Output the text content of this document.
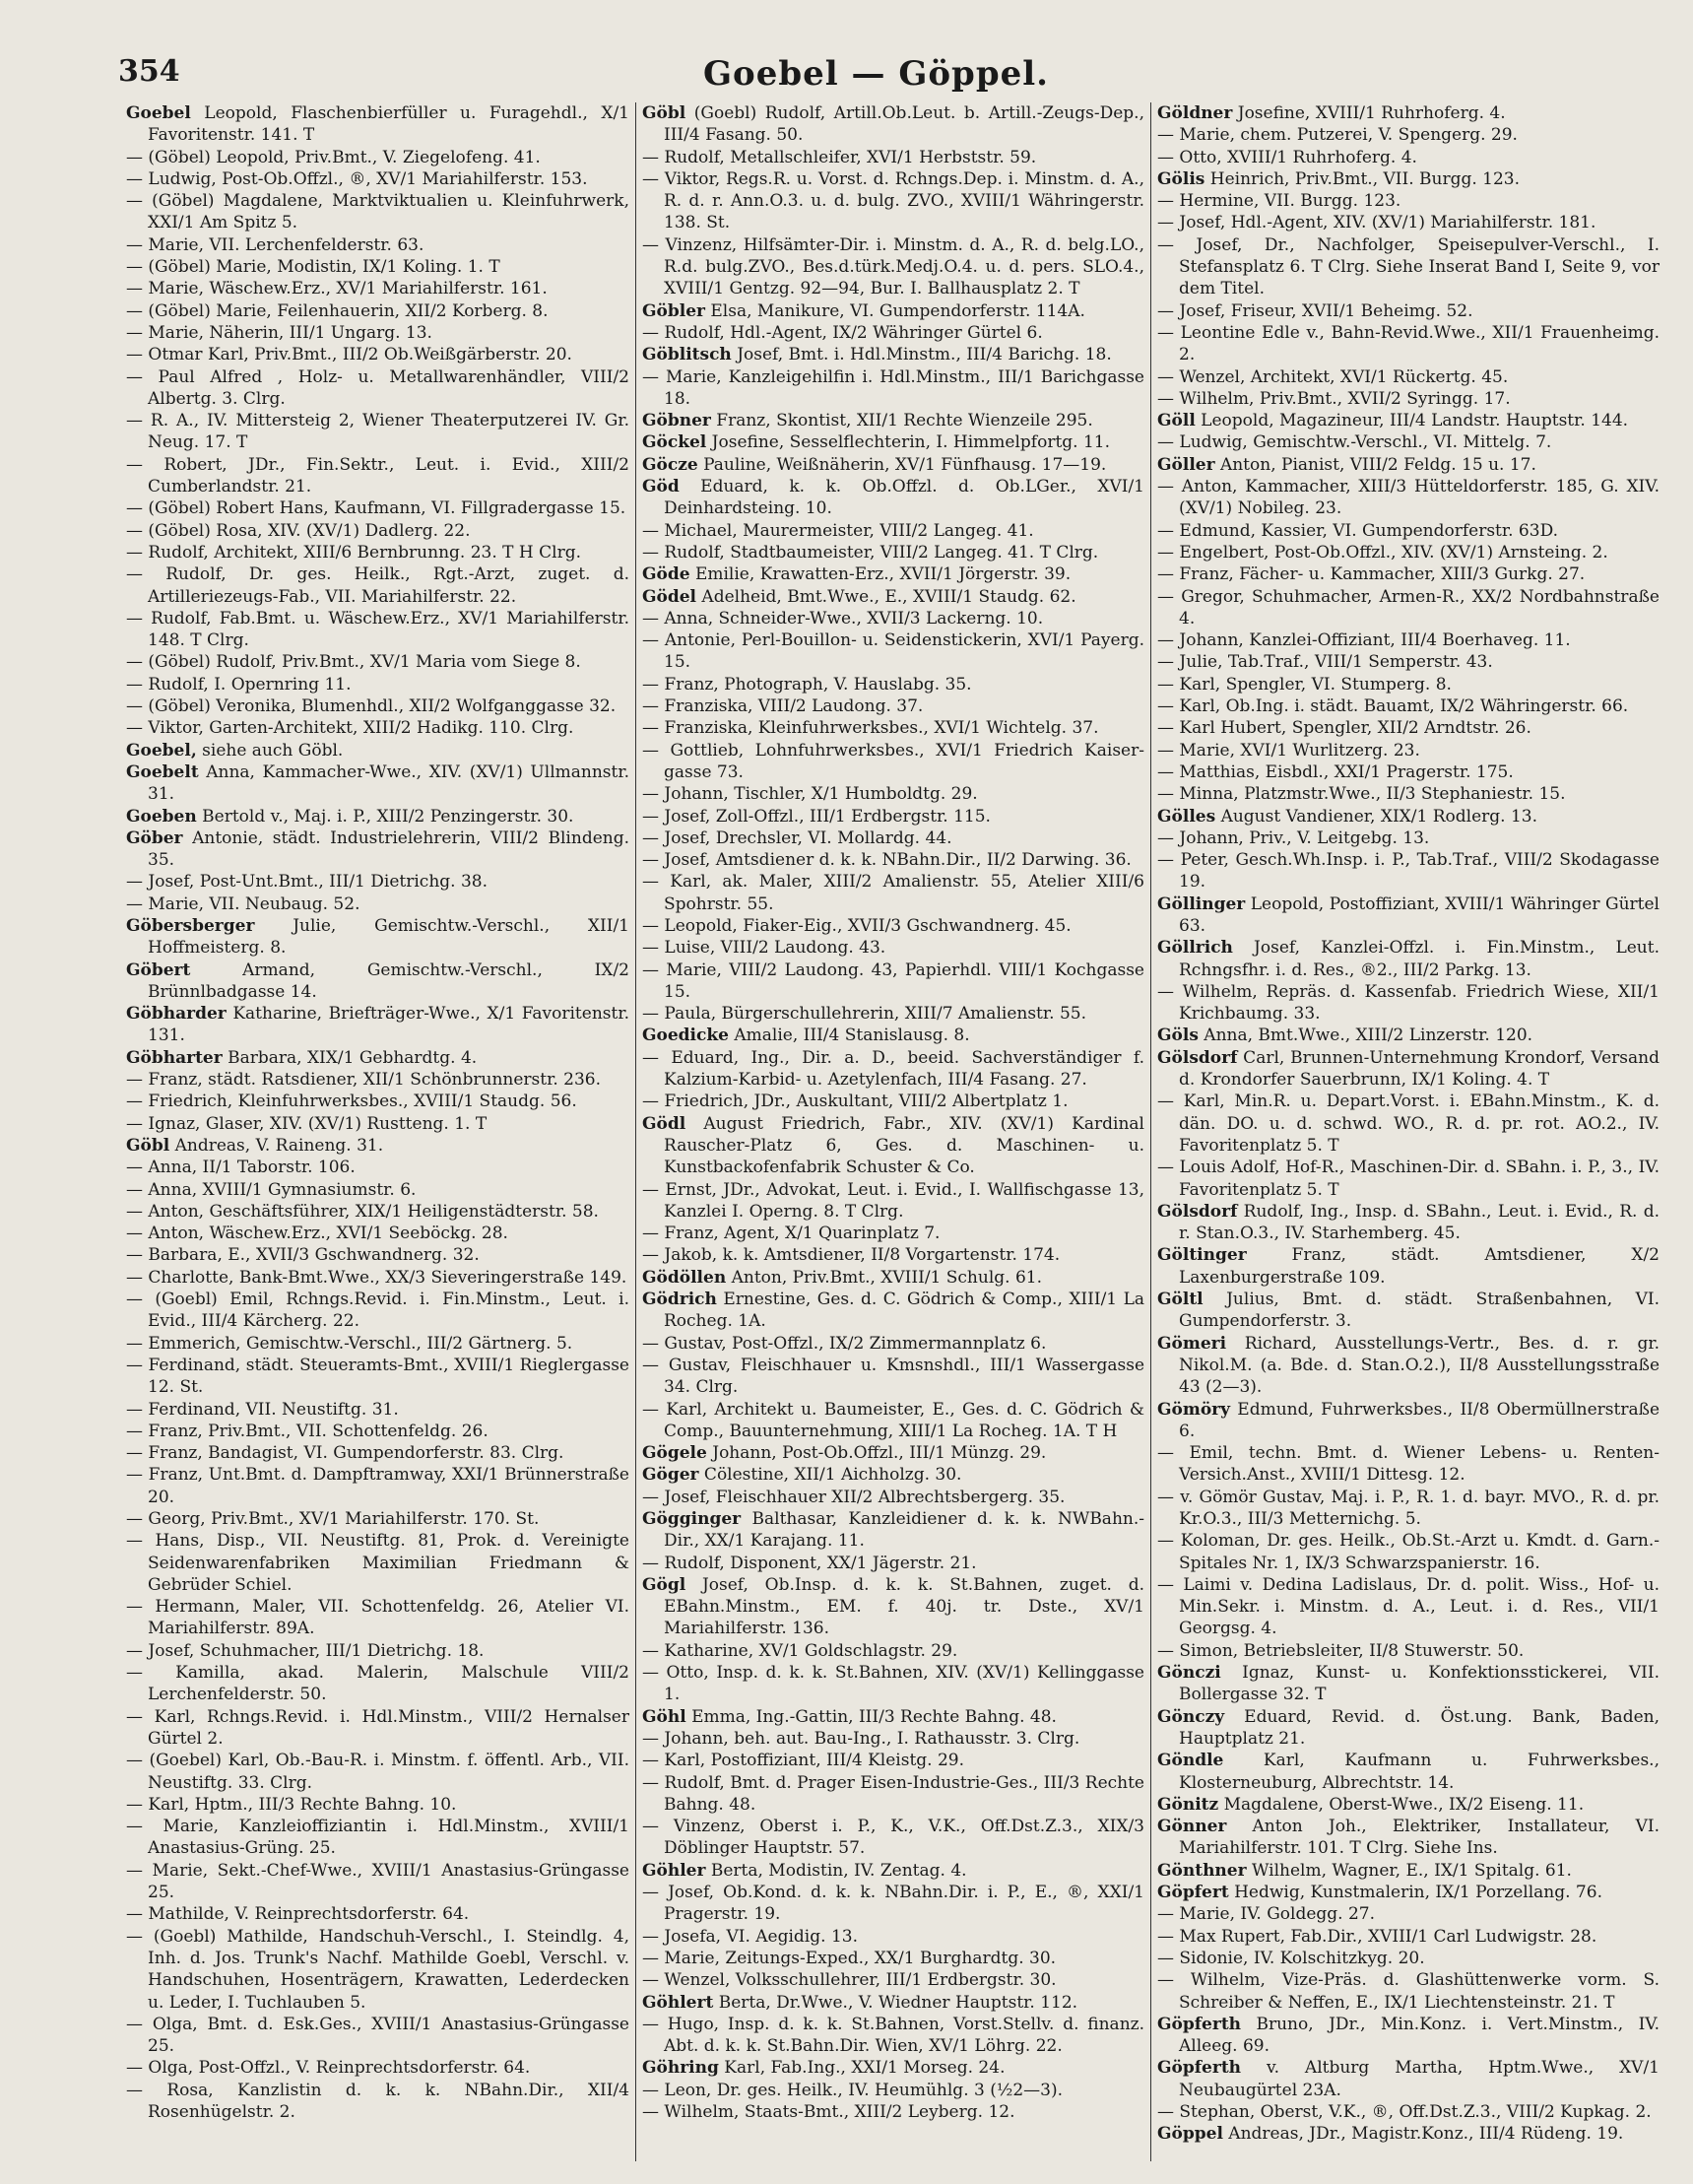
354	Goebel — Göppel.
Goebel Leopold, Flaschenbierfüller u. Furagehdl., X/1 Favoritenstr. 141. T
— (Göbel) Leopold, Priv.Bmt., V. Ziegelofeng. 41.
— Ludwig, Post-Ob.Offzl., ®, XV/1 Mariahilferstr. 153.
— (Göbel) Magdalene, Marktviktualien u. Kleinfuhrwerk, XXI/1 Am Spitz 5.
— Marie, VII. Lerchenfelderstr. 63.
— (Göbel) Marie, Modistin, IX/1 Koling. 1. T
— Marie, Wäschew.Erz., XV/1 Mariahilferstr. 161.
— (Göbel) Marie, Feilenhauerin, XII/2 Korberg. 8.
— Marie, Näherin, III/1 Ungarg. 13.
— Otmar Karl, Priv.Bmt., III/2 Ob.Weißgärberstr. 20.
— Paul Alfred , Holz- u. Metallwarenhändler, VIII/2 Albertg. 3. Clrg.
— R. A., IV. Mittersteig 2, Wiener Theaterputzerei IV. Gr. Neug. 17. T
— Robert, JDr., Fin.Sektr., Leut. i. Evid., XIII/2 Cumberlandstr. 21.
— (Göbel) Robert Hans, Kaufmann, VI. Fillgradergasse 15.
— (Göbel) Rosa, XIV. (XV/1) Dadlerg. 22.
— Rudolf, Architekt, XIII/6 Bernbrunng. 23. T H Clrg.
— Rudolf, Dr. ges. Heilk., Rgt.-Arzt, zuget. d. Artilleriezeugs-Fab., VII. Mariahilferstr. 22.
— Rudolf, Fab.Bmt. u. Wäschew.Erz., XV/1 Mariahilferstr. 148. T Clrg.
— (Göbel) Rudolf, Priv.Bmt., XV/1 Maria vom Siege 8.
— Rudolf, I. Opernring 11.
— (Göbel) Veronika, Blumenhdl., XII/2 Wolfganggasse 32.
— Viktor, Garten-Architekt, XIII/2 Hadikg. 110. Clrg.
Goebel, siehe auch Göbl.
Goebelt Anna, Kammacher-Wwe., XIV. (XV/1) Ullmannstr. 31.
Goeben Bertold v., Maj. i. P., XIII/2 Penzingerstr. 30.
Göber Antonie, städt. Industrielehrerin, VIII/2 Blindeng. 35.
— Josef, Post-Unt.Bmt., III/1 Dietrichg. 38.
— Marie, VII. Neubaug. 52.
Göbersberger Julie, Gemischtw.-Verschl., XII/1 Hoffmeisterg. 8.
Göbert Armand, Gemischtw.-Verschl., IX/2 Brünnlbadgasse 14.
Göbharder Katharine, Briefträger-Wwe., X/1 Favoritenstr. 131.
Göbharter Barbara, XIX/1 Gebhardtg. 4.
— Franz, städt. Ratsdiener, XII/1 Schönbrunnerstr. 236.
— Friedrich, Kleinfuhrwerksbes., XVIII/1 Staudg. 56.
— Ignaz, Glaser, XIV. (XV/1) Rustteng. 1. T
Göbl Andreas, V. Raineng. 31.
— Anna, II/1 Taborstr. 106.
— Anna, XVIII/1 Gymnasiumstr. 6.
— Anton, Geschäftsführer, XIX/1 Heiligenstädterstr. 58.
— Anton, Wäschew.Erz., XVI/1 Seeböckg. 28.
— Barbara, E., XVII/3 Gschwandnerg. 32.
— Charlotte, Bank-Bmt.Wwe., XX/3 Sieveringerstraße 149.
— (Goebl) Emil, Rchngs.Revid. i. Fin.Minstm., Leut. i. Evid., III/4 Kärcherg. 22.
— Emmerich, Gemischtw.-Verschl., III/2 Gärtnerg. 5.
— Ferdinand, städt. Steueramts-Bmt., XVIII/1 Rieglergasse 12. St.
— Ferdinand, VII. Neustiftg. 31.
— Franz, Priv.Bmt., VII. Schottenfeldg. 26.
— Franz, Bandagist, VI. Gumpendorferstr. 83. Clrg.
— Franz, Unt.Bmt. d. Dampftramway, XXI/1 Brünnerstraße 20.
— Georg, Priv.Bmt., XV/1 Mariahilferstr. 170. St.
— Hans, Disp., VII. Neustiftg. 81, Prok. d. Vereinigte Seidenwarenfabriken Maximilian Friedmann & Gebrüder Schiel.
— Hermann, Maler, VII. Schottenfeldg. 26, Atelier VI. Mariahilferstr. 89A.
— Josef, Schuhmacher, III/1 Dietrichg. 18.
— Kamilla, akad. Malerin, Malschule VIII/2 Lerchenfelderstr. 50.
— Karl, Rchngs.Revid. i. Hdl.Minstm., VIII/2 Hernalser Gürtel 2.
— (Goebel) Karl, Ob.-Bau-R. i. Minstm. f. öffentl. Arb., VII. Neustiftg. 33. Clrg.
— Karl, Hptm., III/3 Rechte Bahng. 10.
— Marie, Kanzleioffiziantin i. Hdl.Minstm., XVIII/1 Anastasius-Grüng. 25.
— Marie, Sekt.-Chef-Wwe., XVIII/1 Anastasius-Grüngasse 25.
— Mathilde, V. Reinprechtsdorferstr. 64.
— (Goebl) Mathilde, Handschuh-Verschl., I. Steindlg. 4, Inh. d. Jos. Trunk's Nachf. Mathilde Goebl, Verschl. v. Handschuhen, Hosenträgern, Krawatten, Lederdecken u. Leder, I. Tuchlauben 5.
— Olga, Bmt. d. Esk.Ges., XVIII/1 Anastasius-Grüngasse 25.
— Olga, Post-Offzl., V. Reinprechtsdorferstr. 64.
— Rosa, Kanzlistin d. k. k. NBahn.Dir., XII/4 Rosenhügelstr. 2.
Göbl (Goebl) Rudolf, Artill.Ob.Leut. b. Artill.-Zeugs-Dep., III/4 Fasang. 50.
— Rudolf, Metallschleifer, XVI/1 Herbststr. 59.
— Viktor, Regs.R. u. Vorst. d. Rchngs.Dep. i. Minstm. d. A., R. d. r. Ann.O.3. u. d. bulg. ZVO., XVIII/1 Währingerstr. 138. St.
— Vinzenz, Hilfsämter-Dir. i. Minstm. d. A., R. d. belg.LO., R.d. bulg.ZVO., Bes.d.türk.Medj.O.4. u. d. pers. SLO.4., XVIII/1 Gentzg. 92—94, Bur. I. Ballhausplatz 2. T
Göbler Elsa, Manikure, VI. Gumpendorferstr. 114A.
— Rudolf, Hdl.-Agent, IX/2 Währinger Gürtel 6.
Göblitsch Josef, Bmt. i. Hdl.Minstm., III/4 Barichg. 18.
— Marie, Kanzleigehilfin i. Hdl.Minstm., III/1 Barichgasse 18.
Göbner Franz, Skontist, XII/1 Rechte Wienzeile 295.
Göckel Josefine, Sesselflechterin, I. Himmelpfortg. 11.
Göcze Pauline, Weißnäherin, XV/1 Fünfhausg. 17—19.
Göd Eduard, k. k. Ob.Offzl. d. Ob.LGer., XVI/1 Deinhardsteing. 10.
— Michael, Maurermeister, VIII/2 Langeg. 41.
— Rudolf, Stadtbaumeister, VIII/2 Langeg. 41. T Clrg.
Göde Emilie, Krawatten-Erz., XVII/1 Jörgerstr. 39.
Gödel Adelheid, Bmt.Wwe., E., XVIII/1 Staudg. 62.
— Anna, Schneider-Wwe., XVII/3 Lackerng. 10.
— Antonie, Perl-Bouillon- u. Seidenstickerin, XVI/1 Payerg. 15.
— Franz, Photograph, V. Hauslabg. 35.
— Franziska, VIII/2 Laudong. 37.
— Franziska, Kleinfuhrwerksbes., XVI/1 Wichtelg. 37.
— Gottlieb, Lohnfuhrwerksbes., XVI/1 Friedrich Kaiser-gasse 73.
— Johann, Tischler, X/1 Humboldtg. 29.
— Josef, Zoll-Offzl., III/1 Erdbergstr. 115.
— Josef, Drechsler, VI. Mollardg. 44.
— Josef, Amtsdiener d. k. k. NBahn.Dir., II/2 Darwing. 36.
— Karl, ak. Maler, XIII/2 Amalienstr. 55, Atelier XIII/6 Spohrstr. 55.
— Leopold, Fiaker-Eig., XVII/3 Gschwandnerg. 45.
— Luise, VIII/2 Laudong. 43.
— Marie, VIII/2 Laudong. 43, Papierhdl. VIII/1 Kochgasse 15.
— Paula, Bürgerschullehrerin, XIII/7 Amalienstr. 55.
Goedicke Amalie, III/4 Stanislausg. 8.
— Eduard, Ing., Dir. a. D., beeid. Sachverständiger f. Kalzium-Karbid- u. Azetylenfach, III/4 Fasang. 27.
— Friedrich, JDr., Auskultant, VIII/2 Albertplatz 1.
Gödl August Friedrich, Fabr., XIV. (XV/1) Kardinal Rauscher-Platz 6, Ges. d. Maschinen- u. Kunstbackofenfabrik Schuster & Co.
— Ernst, JDr., Advokat, Leut. i. Evid., I. Wallfischgasse 13, Kanzlei I. Operng. 8. T Clrg.
— Franz, Agent, X/1 Quarinplatz 7.
— Jakob, k. k. Amtsdiener, II/8 Vorgartenstr. 174.
Gödöllen Anton, Priv.Bmt., XVIII/1 Schulg. 61.
Gödrich Ernestine, Ges. d. C. Gödrich & Comp., XIII/1 La Rocheg. 1A.
— Gustav, Post-Offzl., IX/2 Zimmermannplatz 6.
— Gustav, Fleischhauer u. Kmsnshdl., III/1 Wassergasse 34. Clrg.
— Karl, Architekt u. Baumeister, E., Ges. d. C. Gödrich & Comp., Bauunternehmung, XIII/1 La Rocheg. 1A. T H
Gögele Johann, Post-Ob.Offzl., III/1 Münzg. 29.
Göger Cölestine, XII/1 Aichholzg. 30.
— Josef, Fleischhauer XII/2 Albrechtsbergerg. 35.
Gögginger Balthasar, Kanzleidiener d. k. k. NWBahn.-Dir., XX/1 Karajang. 11.
— Rudolf, Disponent, XX/1 Jägerstr. 21.
Gögl Josef, Ob.Insp. d. k. k. St.Bahnen, zuget. d. EBahn.Minstm., EM. f. 40j. tr. Dste., XV/1 Mariahilferstr. 136.
— Katharine, XV/1 Goldschlagstr. 29.
— Otto, Insp. d. k. k. St.Bahnen, XIV. (XV/1) Kellinggasse 1.
Göhl Emma, Ing.-Gattin, III/3 Rechte Bahng. 48.
— Johann, beh. aut. Bau-Ing., I. Rathausstr. 3. Clrg.
— Karl, Postoffiziant, III/4 Kleistg. 29.
— Rudolf, Bmt. d. Prager Eisen-Industrie-Ges., III/3 Rechte Bahng. 48.
— Vinzenz, Oberst i. P., K., V.K., Off.Dst.Z.3., XIX/3 Döblinger Hauptstr. 57.
Göhler Berta, Modistin, IV. Zentag. 4.
— Josef, Ob.Kond. d. k. k. NBahn.Dir. i. P., E., ®, XXI/1 Pragerstr. 19.
— Josefa, VI. Aegidig. 13.
— Marie, Zeitungs-Exped., XX/1 Burghardtg. 30.
— Wenzel, Volksschullehrer, III/1 Erdbergstr. 30.
Göhlert Berta, Dr.Wwe., V. Wiedner Hauptstr. 112.
— Hugo, Insp. d. k. k. St.Bahnen, Vorst.Stellv. d. finanz. Abt. d. k. k. St.Bahn.Dir. Wien, XV/1 Löhrg. 22.
Göhring Karl, Fab.Ing., XXI/1 Morseg. 24.
— Leon, Dr. ges. Heilk., IV. Heumühlg. 3 (½2—3).
— Wilhelm, Staats-Bmt., XIII/2 Leyberg. 12.
Göldner Josefine, XVIII/1 Ruhrhoferg. 4.
— Marie, chem. Putzerei, V. Spengerg. 29.
— Otto, XVIII/1 Ruhrhoferg. 4.
Gölis Heinrich, Priv.Bmt., VII. Burgg. 123.
— Hermine, VII. Burgg. 123.
— Josef, Hdl.-Agent, XIV. (XV/1) Mariahilferstr. 181.
— Josef, Dr., Nachfolger, Speisepulver-Verschl., I. Stefansplatz 6. T Clrg. Siehe Inserat Band I, Seite 9, vor dem Titel.
— Josef, Friseur, XVII/1 Beheimg. 52.
— Leontine Edle v., Bahn-Revid.Wwe., XII/1 Frauenheimg. 2.
— Wenzel, Architekt, XVI/1 Rückertg. 45.
— Wilhelm, Priv.Bmt., XVII/2 Syringg. 17.
Göll Leopold, Magazineur, III/4 Landstr. Hauptstr. 144.
— Ludwig, Gemischtw.-Verschl., VI. Mittelg. 7.
Göller Anton, Pianist, VIII/2 Feldg. 15 u. 17.
— Anton, Kammacher, XIII/3 Hütteldorferstr. 185, G. XIV. (XV/1) Nobileg. 23.
— Edmund, Kassier, VI. Gumpendorferstr. 63D.
— Engelbert, Post-Ob.Offzl., XIV. (XV/1) Arnsteing. 2.
— Franz, Fächer- u. Kammacher, XIII/3 Gurkg. 27.
— Gregor, Schuhmacher, Armen-R., XX/2 Nordbahnstraße 4.
— Johann, Kanzlei-Offiziant, III/4 Boerhaveg. 11.
— Julie, Tab.Traf., VIII/1 Semperstr. 43.
— Karl, Spengler, VI. Stumperg. 8.
— Karl, Ob.Ing. i. städt. Bauamt, IX/2 Währingerstr. 66.
— Karl Hubert, Spengler, XII/2 Arndtstr. 26.
— Marie, XVI/1 Wurlitzerg. 23.
— Matthias, Eisbdl., XXI/1 Pragerstr. 175.
— Minna, Platzmstr.Wwe., II/3 Stephaniestr. 15.
Gölles August Vandiener, XIX/1 Rodlerg. 13.
— Johann, Priv., V. Leitgebg. 13.
— Peter, Gesch.Wh.Insp. i. P., Tab.Traf., VIII/2 Skodagasse 19.
Göllinger Leopold, Postoffiziant, XVIII/1 Währinger Gürtel 63.
Göllrich Josef, Kanzlei-Offzl. i. Fin.Minstm., Leut. Rchngsfhr. i. d. Res., ®2., III/2 Parkg. 13.
— Wilhelm, Repräs. d. Kassenfab. Friedrich Wiese, XII/1 Krichbaumg. 33.
Göls Anna, Bmt.Wwe., XIII/2 Linzerstr. 120.
Gölsdorf Carl, Brunnen-Unternehmung Krondorf, Versand d. Krondorfer Sauerbrunn, IX/1 Koling. 4. T
— Karl, Min.R. u. Depart.Vorst. i. EBahn.Minstm., K. d. dän. DO. u. d. schwd. WO., R. d. pr. rot. AO.2., IV. Favoritenplatz 5. T
— Louis Adolf, Hof-R., Maschinen-Dir. d. SBahn. i. P., 3., IV. Favoritenplatz 5. T
Gölsdorf Rudolf, Ing., Insp. d. SBahn., Leut. i. Evid., R. d. r. Stan.O.3., IV. Starhemberg. 45.
Göltinger Franz, städt. Amtsdiener, X/2 Laxenburgerstraße 109.
Göltl Julius, Bmt. d. städt. Straßenbahnen, VI. Gumpendorferstr. 3.
Gömeri Richard, Ausstellungs-Vertr., Bes. d. r. gr. Nikol.M. (a. Bde. d. Stan.O.2.), II/8 Ausstellungsstraße 43 (2—3).
Gömöry Edmund, Fuhrwerksbes., II/8 Obermüllnerstraße 6.
— Emil, techn. Bmt. d. Wiener Lebens- u. Renten-Versich.Anst., XVIII/1 Dittesg. 12.
— v. Gömör Gustav, Maj. i. P., R. 1. d. bayr. MVO., R. d. pr. Kr.O.3., III/3 Metternichg. 5.
— Koloman, Dr. ges. Heilk., Ob.St.-Arzt u. Kmdt. d. Garn.-Spitales Nr. 1, IX/3 Schwarzspanierstr. 16.
— Laimi v. Dedina Ladislaus, Dr. d. polit. Wiss., Hof- u. Min.Sekr. i. Minstm. d. A., Leut. i. d. Res., VII/1 Georgsg. 4.
— Simon, Betriebsleiter, II/8 Stuwerstr. 50.
Gönczi Ignaz, Kunst- u. Konfektionsstickerei, VII. Bollergasse 32. T
Gönczy Eduard, Revid. d. Öst.ung. Bank, Baden, Hauptplatz 21.
Göndle Karl, Kaufmann u. Fuhrwerksbes., Klosterneuburg, Albrechtstr. 14.
Gönitz Magdalene, Oberst-Wwe., IX/2 Eiseng. 11.
Gönner Anton Joh., Elektriker, Installateur, VI. Mariahilferstr. 101. T Clrg. Siehe Ins.
Gönthner Wilhelm, Wagner, E., IX/1 Spitalg. 61.
Göpfert Hedwig, Kunstmalerin, IX/1 Porzellang. 76.
— Marie, IV. Goldegg. 27.
— Max Rupert, Fab.Dir., XVIII/1 Carl Ludwigstr. 28.
— Sidonie, IV. Kolschitzkyg. 20.
— Wilhelm, Vize-Präs. d. Glashüttenwerke vorm. S. Schreiber & Neffen, E., IX/1 Liechtensteinstr. 21. T
Göpferth Bruno, JDr., Min.Konz. i. Vert.Minstm., IV. Alleeg. 69.
Göpferth v. Altburg Martha, Hptm.Wwe., XV/1 Neubaugürtel 23A.
— Stephan, Oberst, V.K., ®, Off.Dst.Z.3., VIII/2 Kupkag. 2.
Göppel Andreas, JDr., Magistr.Konz., III/4 Rüdeng. 19.
